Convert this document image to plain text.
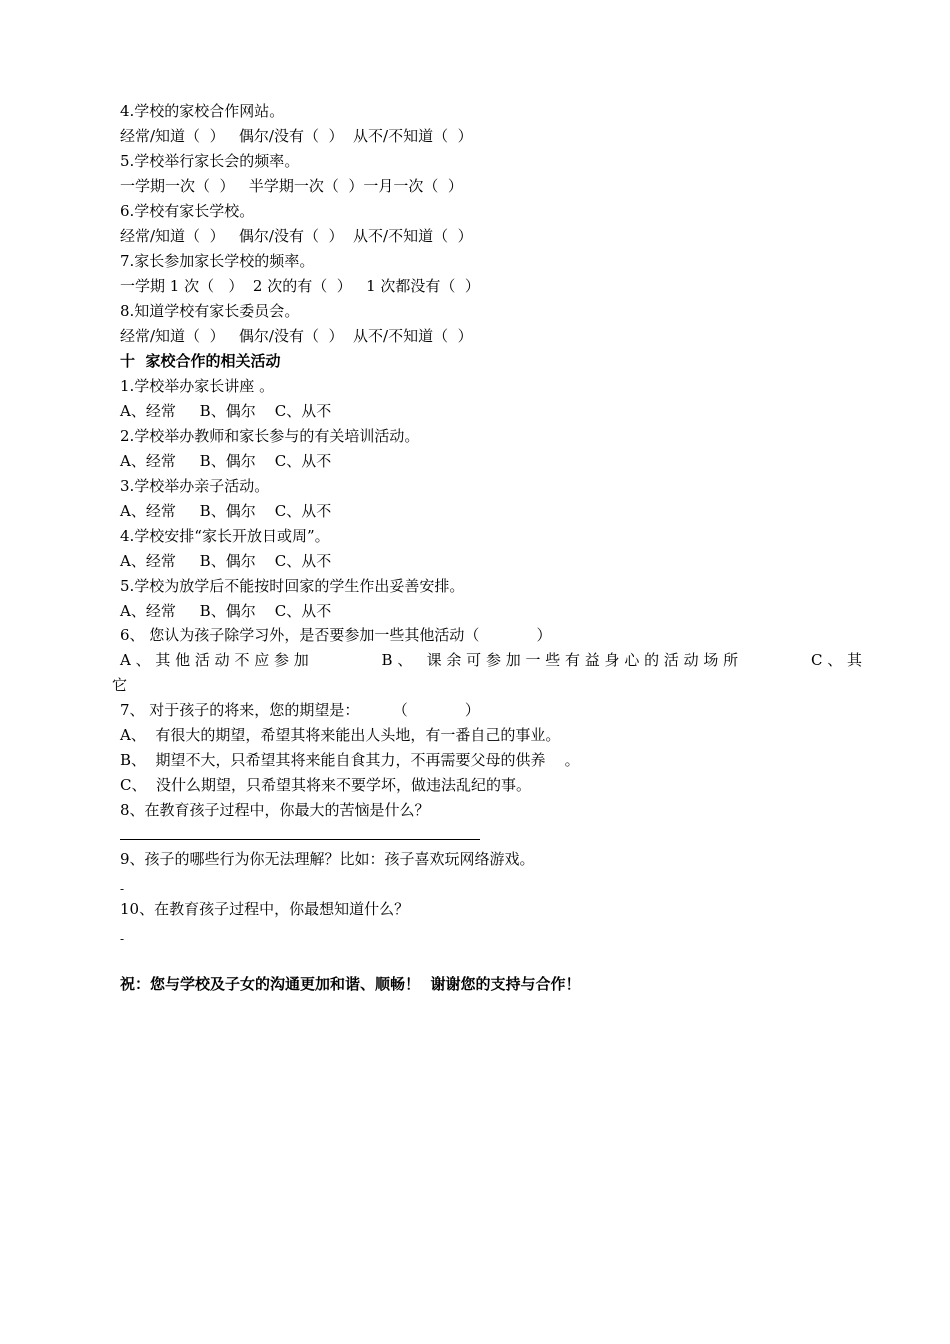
4.学校的家校合作网站。

经常/知道（  ）   偶尔/没有（  ）  从不/不知道（  ）

5.学校举行家长会的频率。

一学期一次（  ）   半学期一次（  ）一月一次（  ）

6.学校有家长学校。

经常/知道（  ）   偶尔/没有（  ）  从不/不知道（  ）

7.家长参加家长学校的频率。

一学期 1 次（   ）  2 次的有（  ）   1 次都没有（  ）

8.知道学校有家长委员会。

经常/知道（  ）   偶尔/没有（  ）  从不/不知道（  ）

十  家校合作的相关活动

1.学校举办家长讲座 。

A、经常     B、偶尔    C、从不

2.学校举办教师和家长参与的有关培训活动。

A、经常     B、偶尔    C、从不

3.学校举办亲子活动。

A、经常     B、偶尔    C、从不

4.学校安排“家长开放日或周”。

A、经常     B、偶尔    C、从不

5.学校为放学后不能按时回家的学生作出妥善安排。

A、经常     B、偶尔    C、从不

6、 您认为孩子除学习外，是否要参加一些其他活动（            ）

A 、 其 他 活 动 不 应 参 加	B 、   课 余 可 参 加 一 些 有 益 身 心 的 活 动 场 所	C 、 其

它

7、 对于孩子的将来，您的期望是：       （            ）

A、  有很大的期望，希望其将来能出人头地，有一番自己的事业。

B、  期望不大，只希望其将来能自食其力，不再需要父母的供养    。

C、  没什么期望，只希望其将来不要学坏，做违法乱纪的事。

8、在教育孩子过程中，你最大的苦恼是什么？

9、孩子的哪些行为你无法理解？比如：孩子喜欢玩网络游戏。

-

10、在教育孩子过程中，你最想知道什么？

-

祝：您与学校及子女的沟通更加和谐、顺畅！  谢谢您的支持与合作！
